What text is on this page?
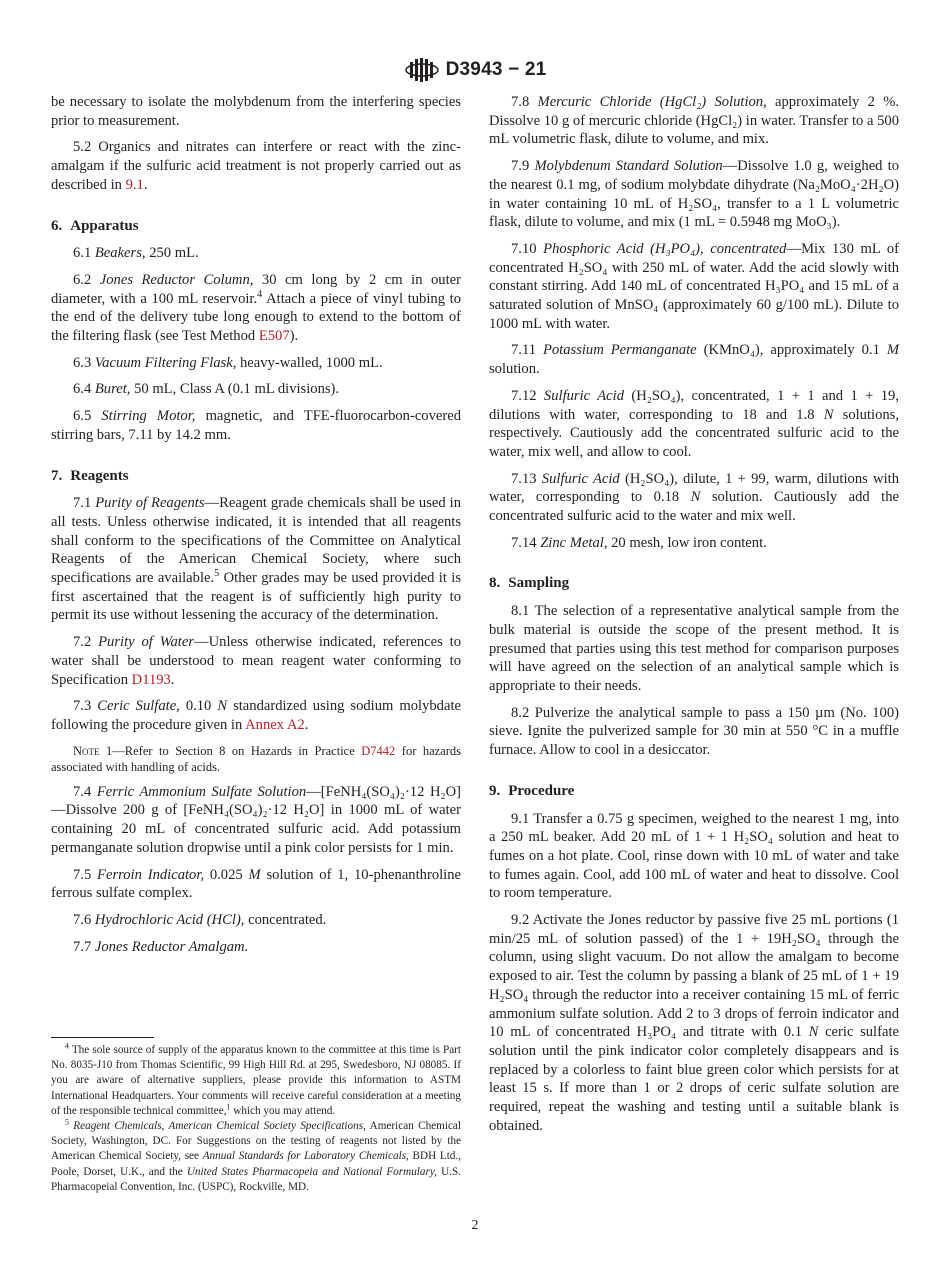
D3943 − 21

be necessary to isolate the molybdenum from the interfering species prior to measurement.

5.2 Organics and nitrates can interfere or react with the zinc-amalgam if the sulfuric acid treatment is not properly carried out as described in 9.1.

6. Apparatus

6.1 Beakers, 250 mL.

6.2 Jones Reductor Column, 30 cm long by 2 cm in outer diameter, with a 100 mL reservoir.$^4$ Attach a piece of vinyl tubing to the end of the delivery tube long enough to extend to the bottom of the filtering flask (see Test Method E507).

6.3 Vacuum Filtering Flask, heavy-walled, 1000 mL.

6.4 Buret, 50 mL, Class A (0.1 mL divisions).

6.5 Stirring Motor, magnetic, and TFE-fluorocarbon-covered stirring bars, 7.11 by 14.2 mm.

7. Reagents

7.1 Purity of Reagents—Reagent grade chemicals shall be used in all tests. Unless otherwise indicated, it is intended that all reagents shall conform to the specifications of the Committee on Analytical Reagents of the American Chemical Society, where such specifications are available.$^5$ Other grades may be used provided it is first ascertained that the reagent is of sufficiently high purity to permit its use without lessening the accuracy of the determination.

7.2 Purity of Water—Unless otherwise indicated, references to water shall be understood to mean reagent water conforming to Specification D1193.

7.3 Ceric Sulfate, 0.10 N standardized using sodium molybdate following the procedure given in Annex A2.

Note 1—Refer to Section 8 on Hazards in Practice D7442 for hazards associated with handling of acids.

7.4 Ferric Ammonium Sulfate Solution—[FeNH₄(SO₄)₂·12 H₂O]—Dissolve 200 g of [FeNH₄(SO₄)₂·12 H₂O] in 1000 mL of water containing 20 mL of concentrated sulfuric acid. Add potassium permanganate solution dropwise until a pink color persists for 1 min.

7.5 Ferroin Indicator, 0.025 M solution of 1, 10-phenanthroline ferrous sulfate complex.

7.6 Hydrochloric Acid (HCl), concentrated.

7.7 Jones Reductor Amalgam.

$^4$ The sole source of supply of the apparatus known to the committee at this time is Part No. 8035-J10 from Thomas Scientific, 99 High Hill Rd. at 295, Swedesboro, NJ 08085. If you are aware of alternative suppliers, please provide this information to ASTM International Headquarters. Your comments will receive careful consideration at a meeting of the responsible technical committee,$^1$ which you may attend.

$^5$ Reagent Chemicals, American Chemical Society Specifications, American Chemical Society, Washington, DC. For Suggestions on the testing of reagents not listed by the American Chemical Society, see Annual Standards for Laboratory Chemicals, BDH Ltd., Poole, Dorset, U.K., and the United States Pharmacopeia and National Formulary, U.S. Pharmacopeial Convention, Inc. (USPC), Rockville, MD.

7.8 Mercuric Chloride (HgCl₂) Solution, approximately 2 %. Dissolve 10 g of mercuric chloride (HgCl₂) in water. Transfer to a 500 mL volumetric flask, dilute to volume, and mix.

7.9 Molybdenum Standard Solution—Dissolve 1.0 g, weighed to the nearest 0.1 mg, of sodium molybdate dihydrate (Na₂MoO₄·2H₂O) in water containing 10 mL of H₂SO₄, transfer to a 1 L volumetric flask, dilute to volume, and mix (1 mL = 0.5948 mg MoO₃).

7.10 Phosphoric Acid (H₃PO₄), concentrated—Mix 130 mL of concentrated H₂SO₄ with 250 mL of water. Add the acid slowly with constant stirring. Add 140 mL of concentrated H₃PO₄ and 15 mL of a saturated solution of MnSO₄ (approximately 60 g/100 mL). Dilute to 1000 mL with water.

7.11 Potassium Permanganate (KMnO₄), approximately 0.1 M solution.

7.12 Sulfuric Acid (H₂SO₄), concentrated, 1 + 1 and 1 + 19, dilutions with water, corresponding to 18 and 1.8 N solutions, respectively. Cautiously add the concentrated sulfuric acid to the water, mix well, and allow to cool.

7.13 Sulfuric Acid (H₂SO₄), dilute, 1 + 99, warm, dilutions with water, corresponding to 0.18 N solution. Cautiously add the concentrated sulfuric acid to the water and mix well.

7.14 Zinc Metal, 20 mesh, low iron content.

8. Sampling

8.1 The selection of a representative analytical sample from the bulk material is outside the scope of the present method. It is presumed that parties using this test method for comparison purposes will have agreed on the selection of an analytical sample which is appropriate to their needs.

8.2 Pulverize the analytical sample to pass a 150 µm (No. 100) sieve. Ignite the pulverized sample for 30 min at 550 °C in a muffle furnace. Allow to cool in a desiccator.

9. Procedure

9.1 Transfer a 0.75 g specimen, weighed to the nearest 1 mg, into a 250 mL beaker. Add 20 mL of 1 + 1 H₂SO₄ solution and heat to fumes on a hot plate. Cool, rinse down with 10 mL of water and take to fumes again. Cool, add 100 mL of water and heat to dissolve. Cool to room temperature.

9.2 Activate the Jones reductor by passive five 25 mL portions (1 min/25 mL of solution passed) of the 1 + 19H₂SO₄ through the column, using slight vacuum. Do not allow the amalgam to become exposed to air. Test the column by passing a blank of 25 mL of 1 + 19 H₂SO₄ through the reductor into a receiver containing 15 mL of ferric ammonium sulfate solution. Add 2 to 3 drops of ferroin indicator and 10 mL of concentrated H₃PO₄ and titrate with 0.1 N ceric sulfate solution until the pink indicator color completely disappears and is replaced by a colorless to faint blue green color which persists for at least 15 s. If more than 1 or 2 drops of ceric sulfate solution are required, repeat the washing and testing until a suitable blank is obtained.

2
